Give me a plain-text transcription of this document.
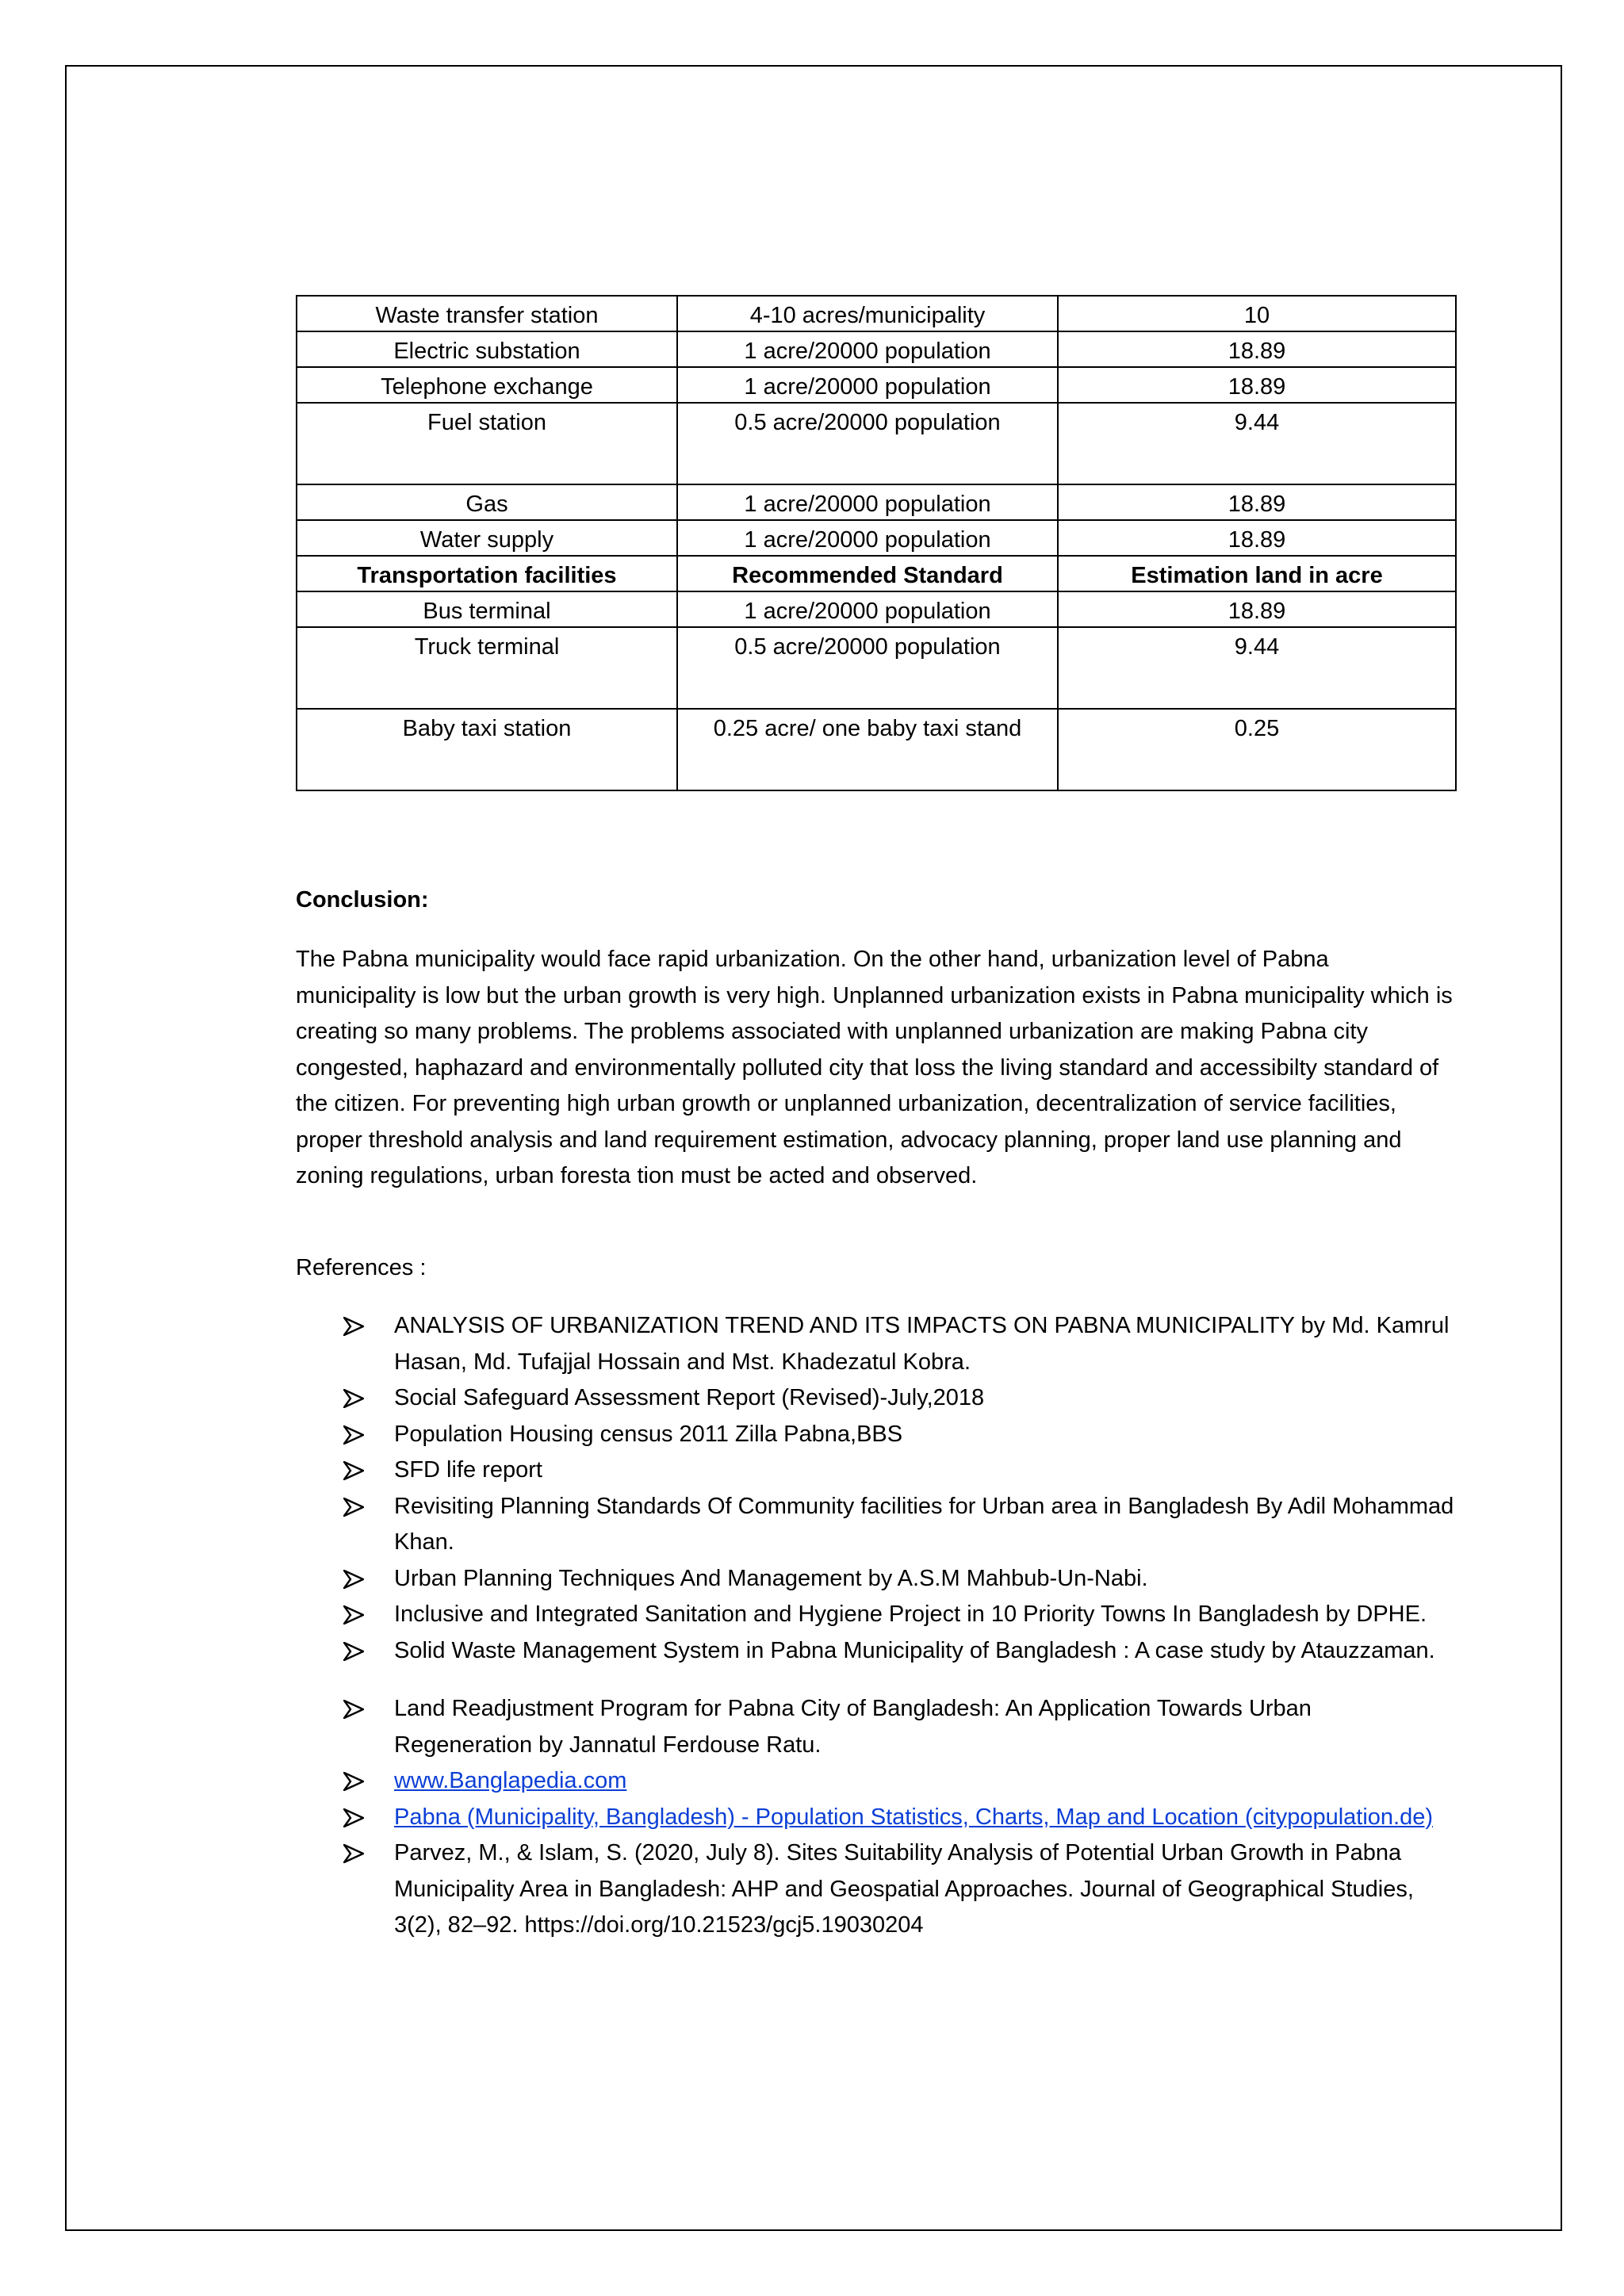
Waste transfer station	4-10 acres/municipality	10
Electric substation	1 acre/20000 population	18.89
Telephone exchange	1 acre/20000 population	18.89
Fuel station	0.5 acre/20000 population	9.44
Gas	1 acre/20000 population	18.89
Water supply	1 acre/20000 population	18.89
Transportation facilities	Recommended Standard	Estimation land in acre
Bus terminal	1 acre/20000 population	18.89
Truck terminal	0.5 acre/20000 population	9.44
Baby taxi station	0.25 acre/ one baby taxi stand	0.25
Conclusion:
The Pabna municipality would face rapid urbanization. On the other hand, urbanization level of Pabna municipality is low but the urban growth is very high. Unplanned urbanization exists in Pabna municipality which is creating so many problems. The problems associated with unplanned urbanization are making Pabna city congested, haphazard and environmentally polluted city that loss the living standard and accessibilty standard of the citizen. For preventing high urban growth or unplanned urbanization, decentralization of service facilities, proper threshold analysis and land requirement estimation, advocacy planning, proper land use planning and zoning regulations, urban foresta tion must be acted and observed.
References :
ANALYSIS OF URBANIZATION TREND AND ITS IMPACTS ON PABNA MUNICIPALITY by Md. Kamrul Hasan, Md. Tufajjal Hossain and Mst. Khadezatul Kobra.
Social Safeguard Assessment Report (Revised)-July,2018
Population Housing census 2011 Zilla Pabna,BBS
SFD life report
Revisiting Planning Standards Of Community facilities for Urban area in Bangladesh By Adil Mohammad Khan.
Urban Planning Techniques And Management by A.S.M Mahbub-Un-Nabi.
Inclusive and Integrated Sanitation and Hygiene Project in 10 Priority Towns In Bangladesh by DPHE.
Solid Waste Management System in Pabna Municipality of Bangladesh : A case study by Atauzzaman.
Land Readjustment Program for Pabna City of Bangladesh: An Application Towards Urban Regeneration by Jannatul Ferdouse Ratu.
www.Banglapedia.com
Pabna (Municipality, Bangladesh) - Population Statistics, Charts, Map and Location (citypopulation.de)
Parvez, M., & Islam, S. (2020, July 8). Sites Suitability Analysis of Potential Urban Growth in Pabna Municipality Area in Bangladesh: AHP and Geospatial Approaches. Journal of Geographical Studies, 3(2), 82–92. https://doi.org/10.21523/gcj5.19030204
